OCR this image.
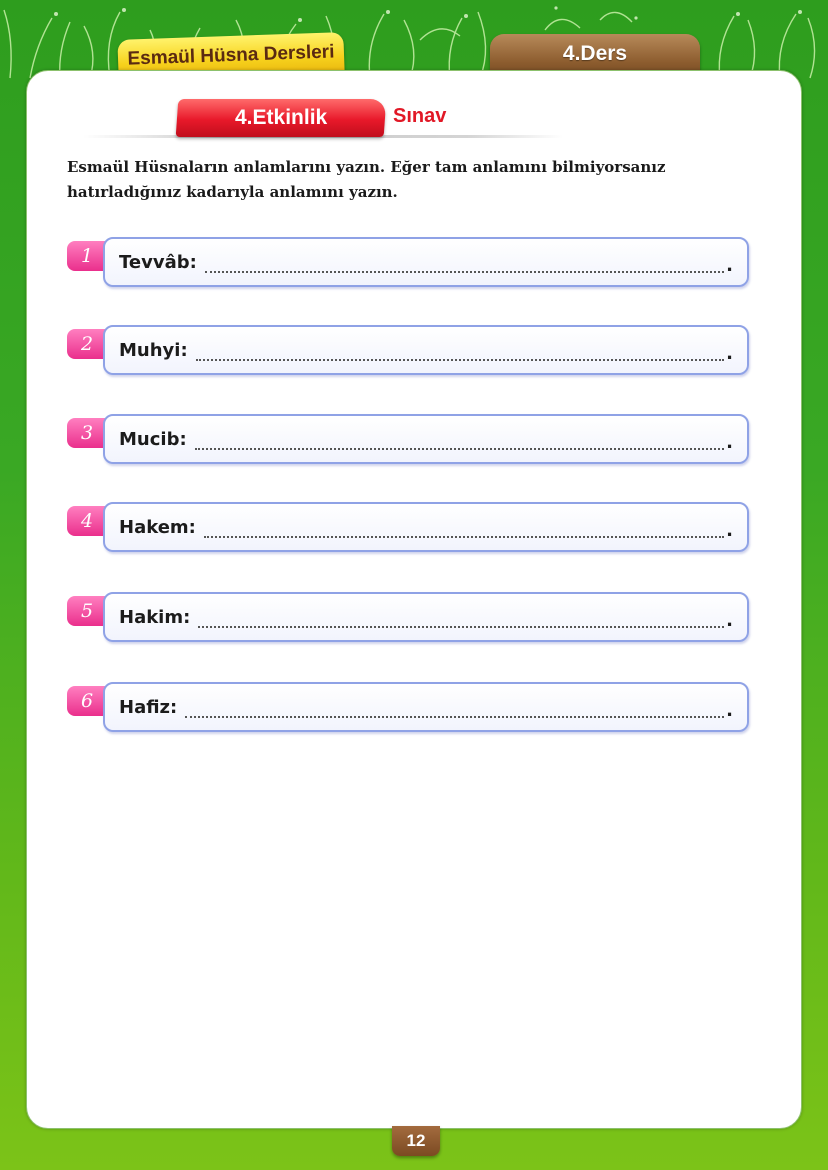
Esmaül Hüsna Dersleri	4.Ders
4.Etkinlik	Sınav
Esmaül Hüsnaların anlamlarını yazın. Eğer tam anlamını bilmiyorsanız hatırladığınız kadarıyla anlamını yazın.
1 Tevvâb:	.
2 Muhyi:	.
3 Mucib:	.
4 Hakem:	.
5 Hakim:	.
6 Hafiz:	.
12
